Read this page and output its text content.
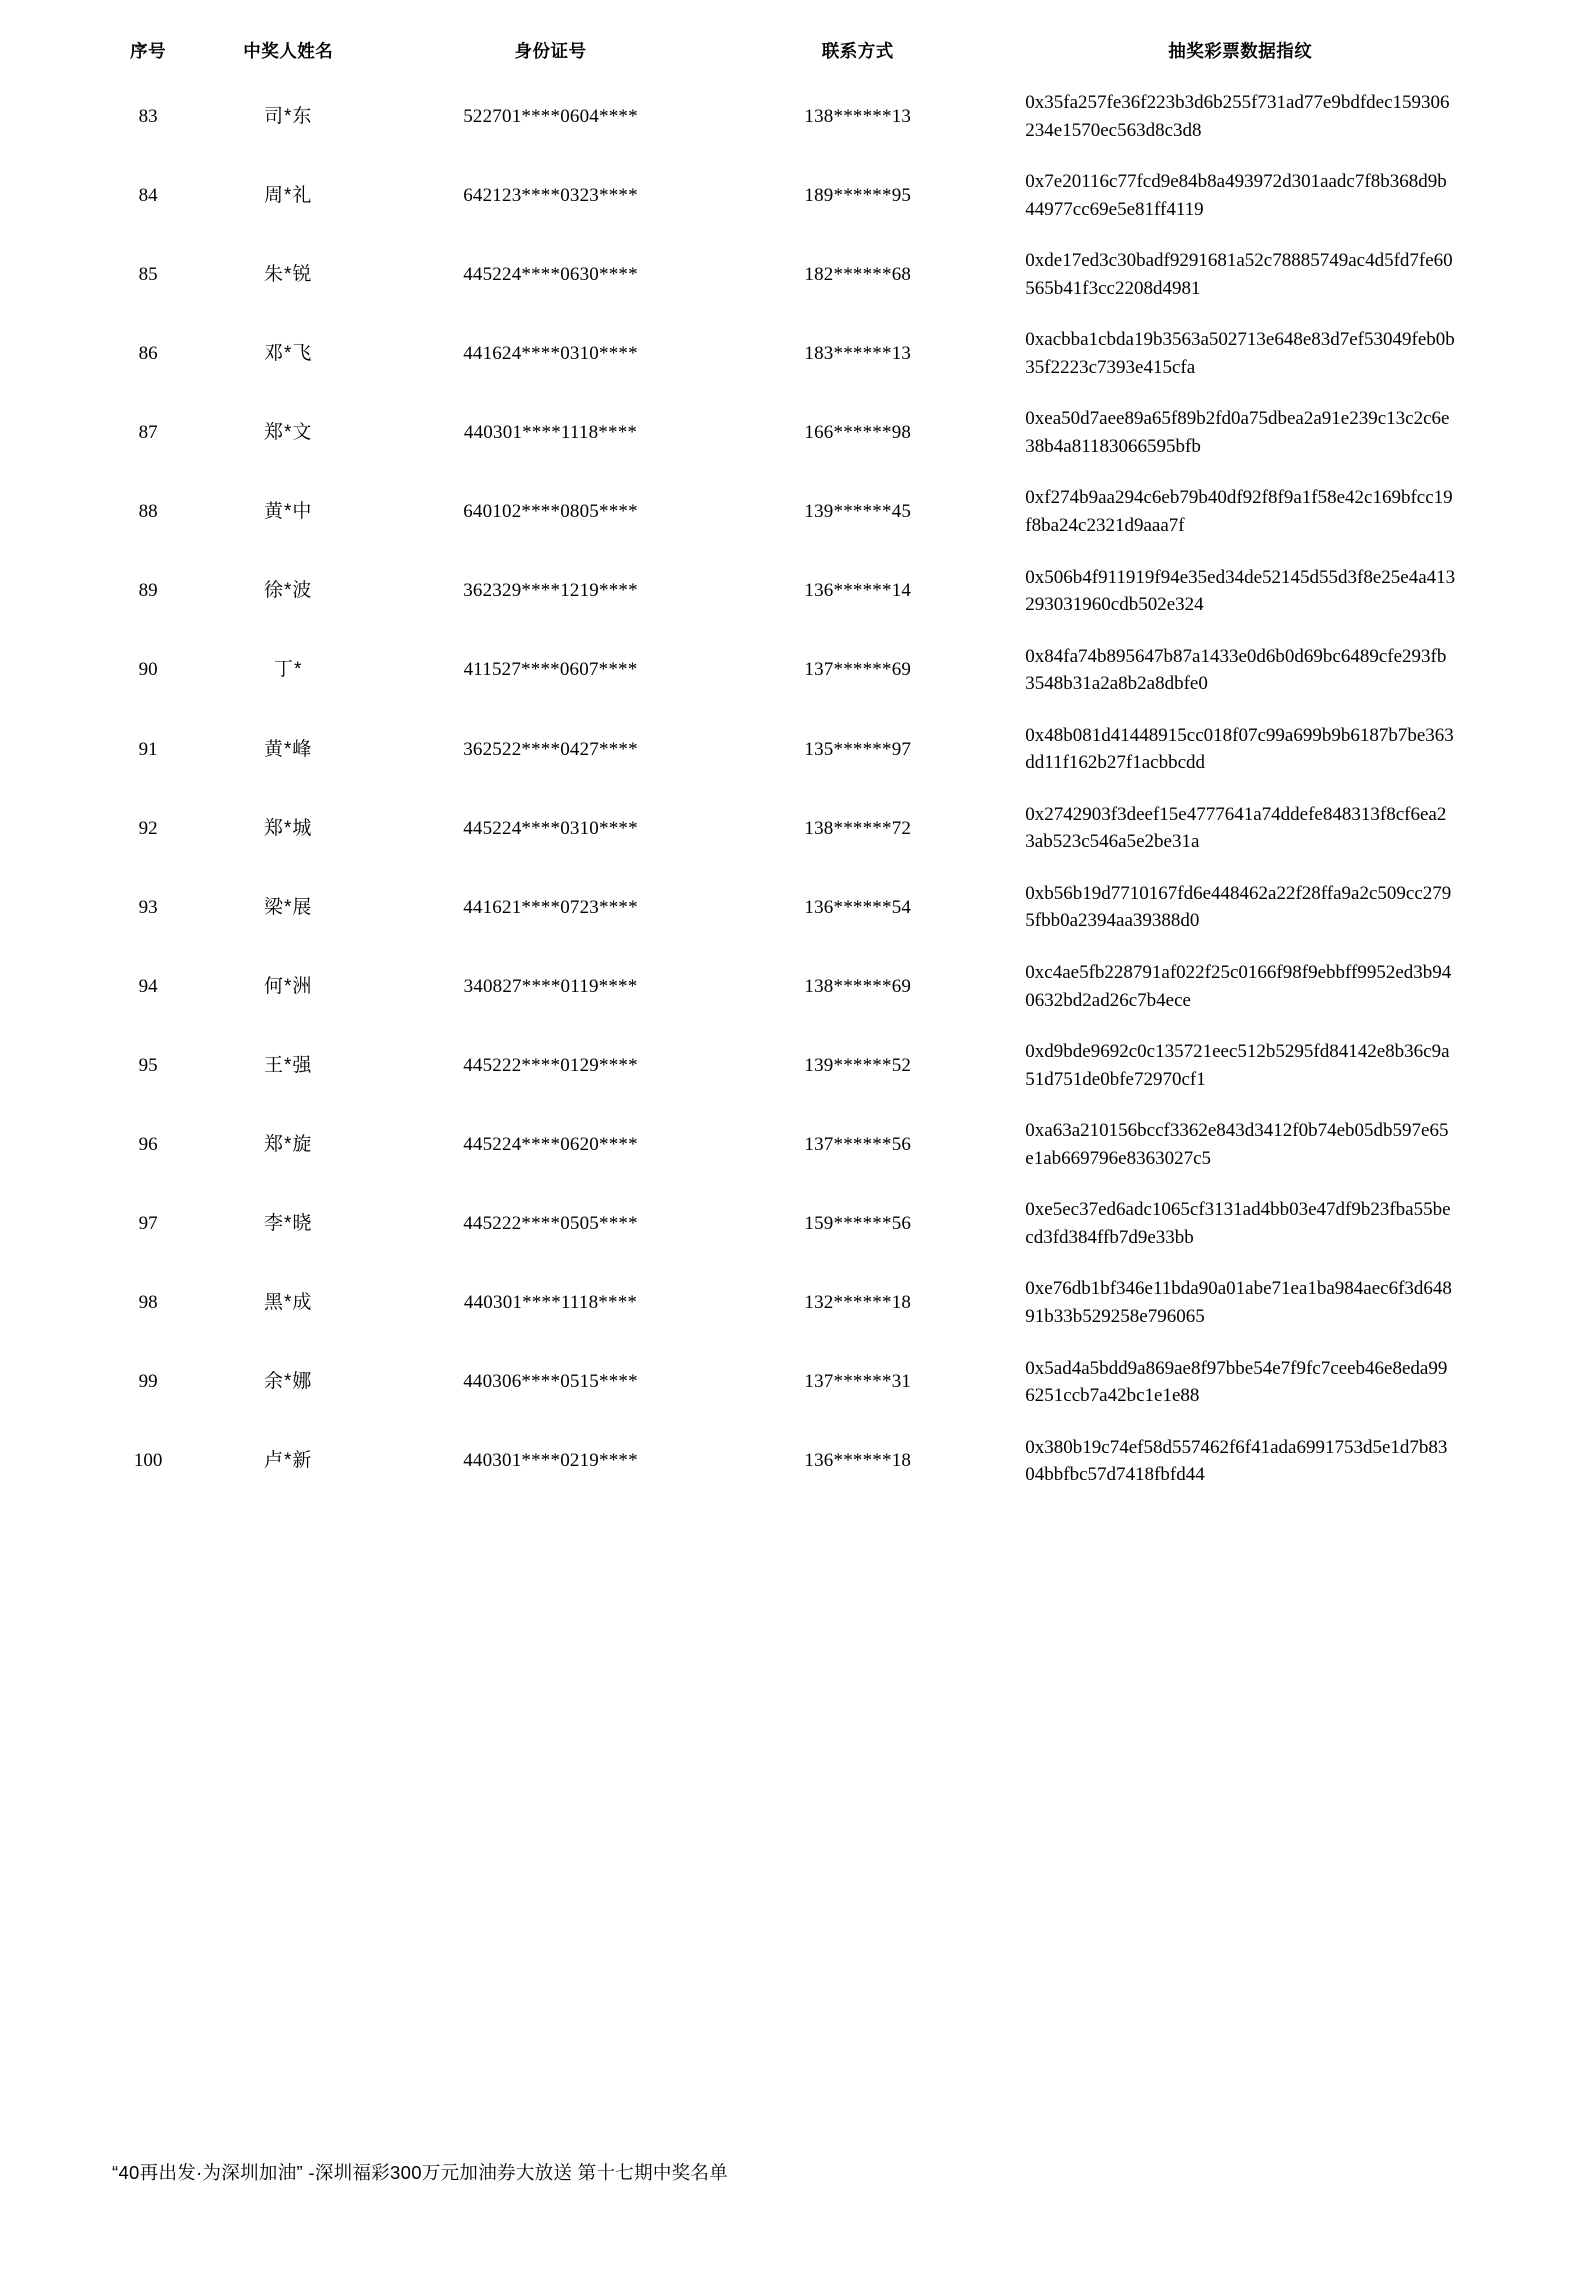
序号	中奖人姓名	身份证号	联系方式	抽奖彩票数据指纹
83	司*东	522701****0604****	138******13	0x35fa257fe36f223b3d6b255f731ad77e9bdfdec159306234e1570ec563d8c3d8

84	周*礼	642123****0323****	189******95	0x7e20116c77fcd9e84b8a493972d301aadc7f8b368d9b44977cc69e5e81ff4119

85	朱*锐	445224****0630****	182******68	0xde17ed3c30badf9291681a52c78885749ac4d5fd7fe60565b41f3cc2208d4981

86	邓*飞	441624****0310****	183******13	0xacbba1cbda19b3563a502713e648e83d7ef53049feb0b35f2223c7393e415cfa

87	郑*文	440301****1118****	166******98	0xea50d7aee89a65f89b2fd0a75dbea2a91e239c13c2c6e38b4a81183066595bfb

88	黄*中	640102****0805****	139******45	0xf274b9aa294c6eb79b40df92f8f9a1f58e42c169bfcc19f8ba24c2321d9aaa7f

89	徐*波	362329****1219****	136******14	0x506b4f911919f94e35ed34de52145d55d3f8e25e4a413293031960cdb502e324

90	丁*	411527****0607****	137******69	0x84fa74b895647b87a1433e0d6b0d69bc6489cfe293fb3548b31a2a8b2a8dbfe0

91	黄*峰	362522****0427****	135******97	0x48b081d41448915cc018f07c99a699b9b6187b7be363dd11f162b27f1acbbcdd

92	郑*城	445224****0310****	138******72	0x2742903f3deef15e4777641a74ddefe848313f8cf6ea23ab523c546a5e2be31a

93	梁*展	441621****0723****	136******54	0xb56b19d7710167fd6e448462a22f28ffa9a2c509cc2795fbb0a2394aa39388d0

94	何*洲	340827****0119****	138******69	0xc4ae5fb228791af022f25c0166f98f9ebbff9952ed3b940632bd2ad26c7b4ece

95	王*强	445222****0129****	139******52	0xd9bde9692c0c135721eec512b5295fd84142e8b36c9a51d751de0bfe72970cf1

96	郑*旋	445224****0620****	137******56	0xa63a210156bccf3362e843d3412f0b74eb05db597e65e1ab669796e8363027c5

97	李*晓	445222****0505****	159******56	0xe5ec37ed6adc1065cf3131ad4bb03e47df9b23fba55becd3fd384ffb7d9e33bb

98	黑*成	440301****1118****	132******18	0xe76db1bf346e11bda90a01abe71ea1ba984aec6f3d64891b33b529258e796065

99	余*娜	440306****0515****	137******31	0x5ad4a5bdd9a869ae8f97bbe54e7f9fc7ceeb46e8eda996251ccb7a42bc1e1e88

100	卢*新	440301****0219****	136******18	0x380b19c74ef58d557462f6f41ada6991753d5e1d7b8304bbfbc57d7418fbfd44
“40再出发·为深圳加油” -深圳福彩300万元加油券大放送 第十七期中奖名单
